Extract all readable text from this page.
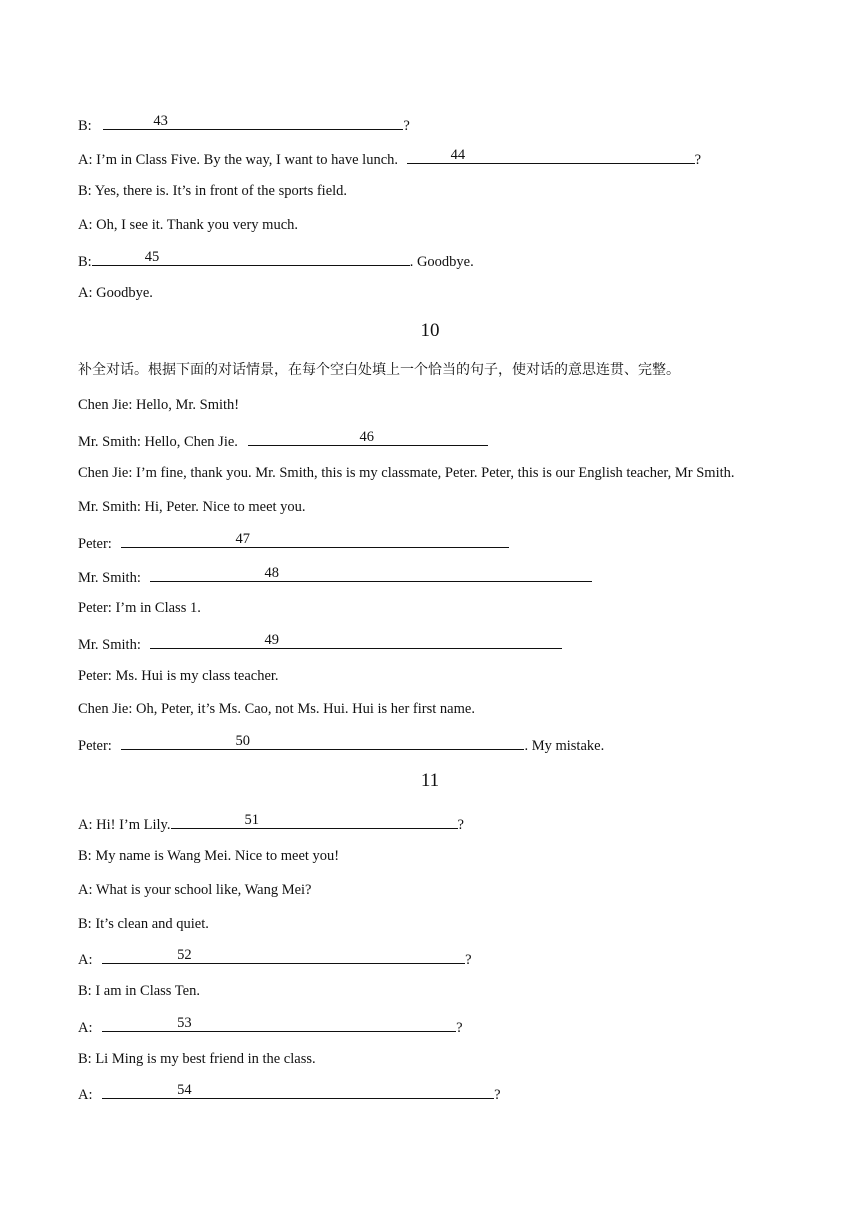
B:	43	?
A: I’m in Class Five. By the way, I want to have lunch.	44	?
B: Yes, there is. It’s in front of the sports field.
A: Oh, I see it. Thank you very much.
B:	45	. Goodbye.
A: Goodbye.
10
补全对话。根据下面的对话情景，在每个空白处填上一个恰当的句子，使对话的意思连贯、完整。
Chen Jie: Hello, Mr. Smith!
Mr. Smith: Hello, Chen Jie.	46
Chen Jie: I’m fine, thank you. Mr. Smith, this is my classmate, Peter. Peter, this is our English teacher, Mr Smith.
Mr. Smith: Hi, Peter. Nice to meet you.
Peter:	47
Mr. Smith:	48
Peter: I’m in Class 1.
Mr. Smith:	49
Peter: Ms. Hui is my class teacher.
Chen Jie: Oh, Peter, it’s Ms. Cao, not Ms. Hui. Hui is her first name.
Peter:	50	. My mistake.
11
A: Hi! I’m Lily.	51	?
B: My name is Wang Mei. Nice to meet you!
A: What is your school like, Wang Mei?
B: It’s clean and quiet.
A:	52	?
B: I am in Class Ten.
A:	53	?
B: Li Ming is my best friend in the class.
A:	54	?
